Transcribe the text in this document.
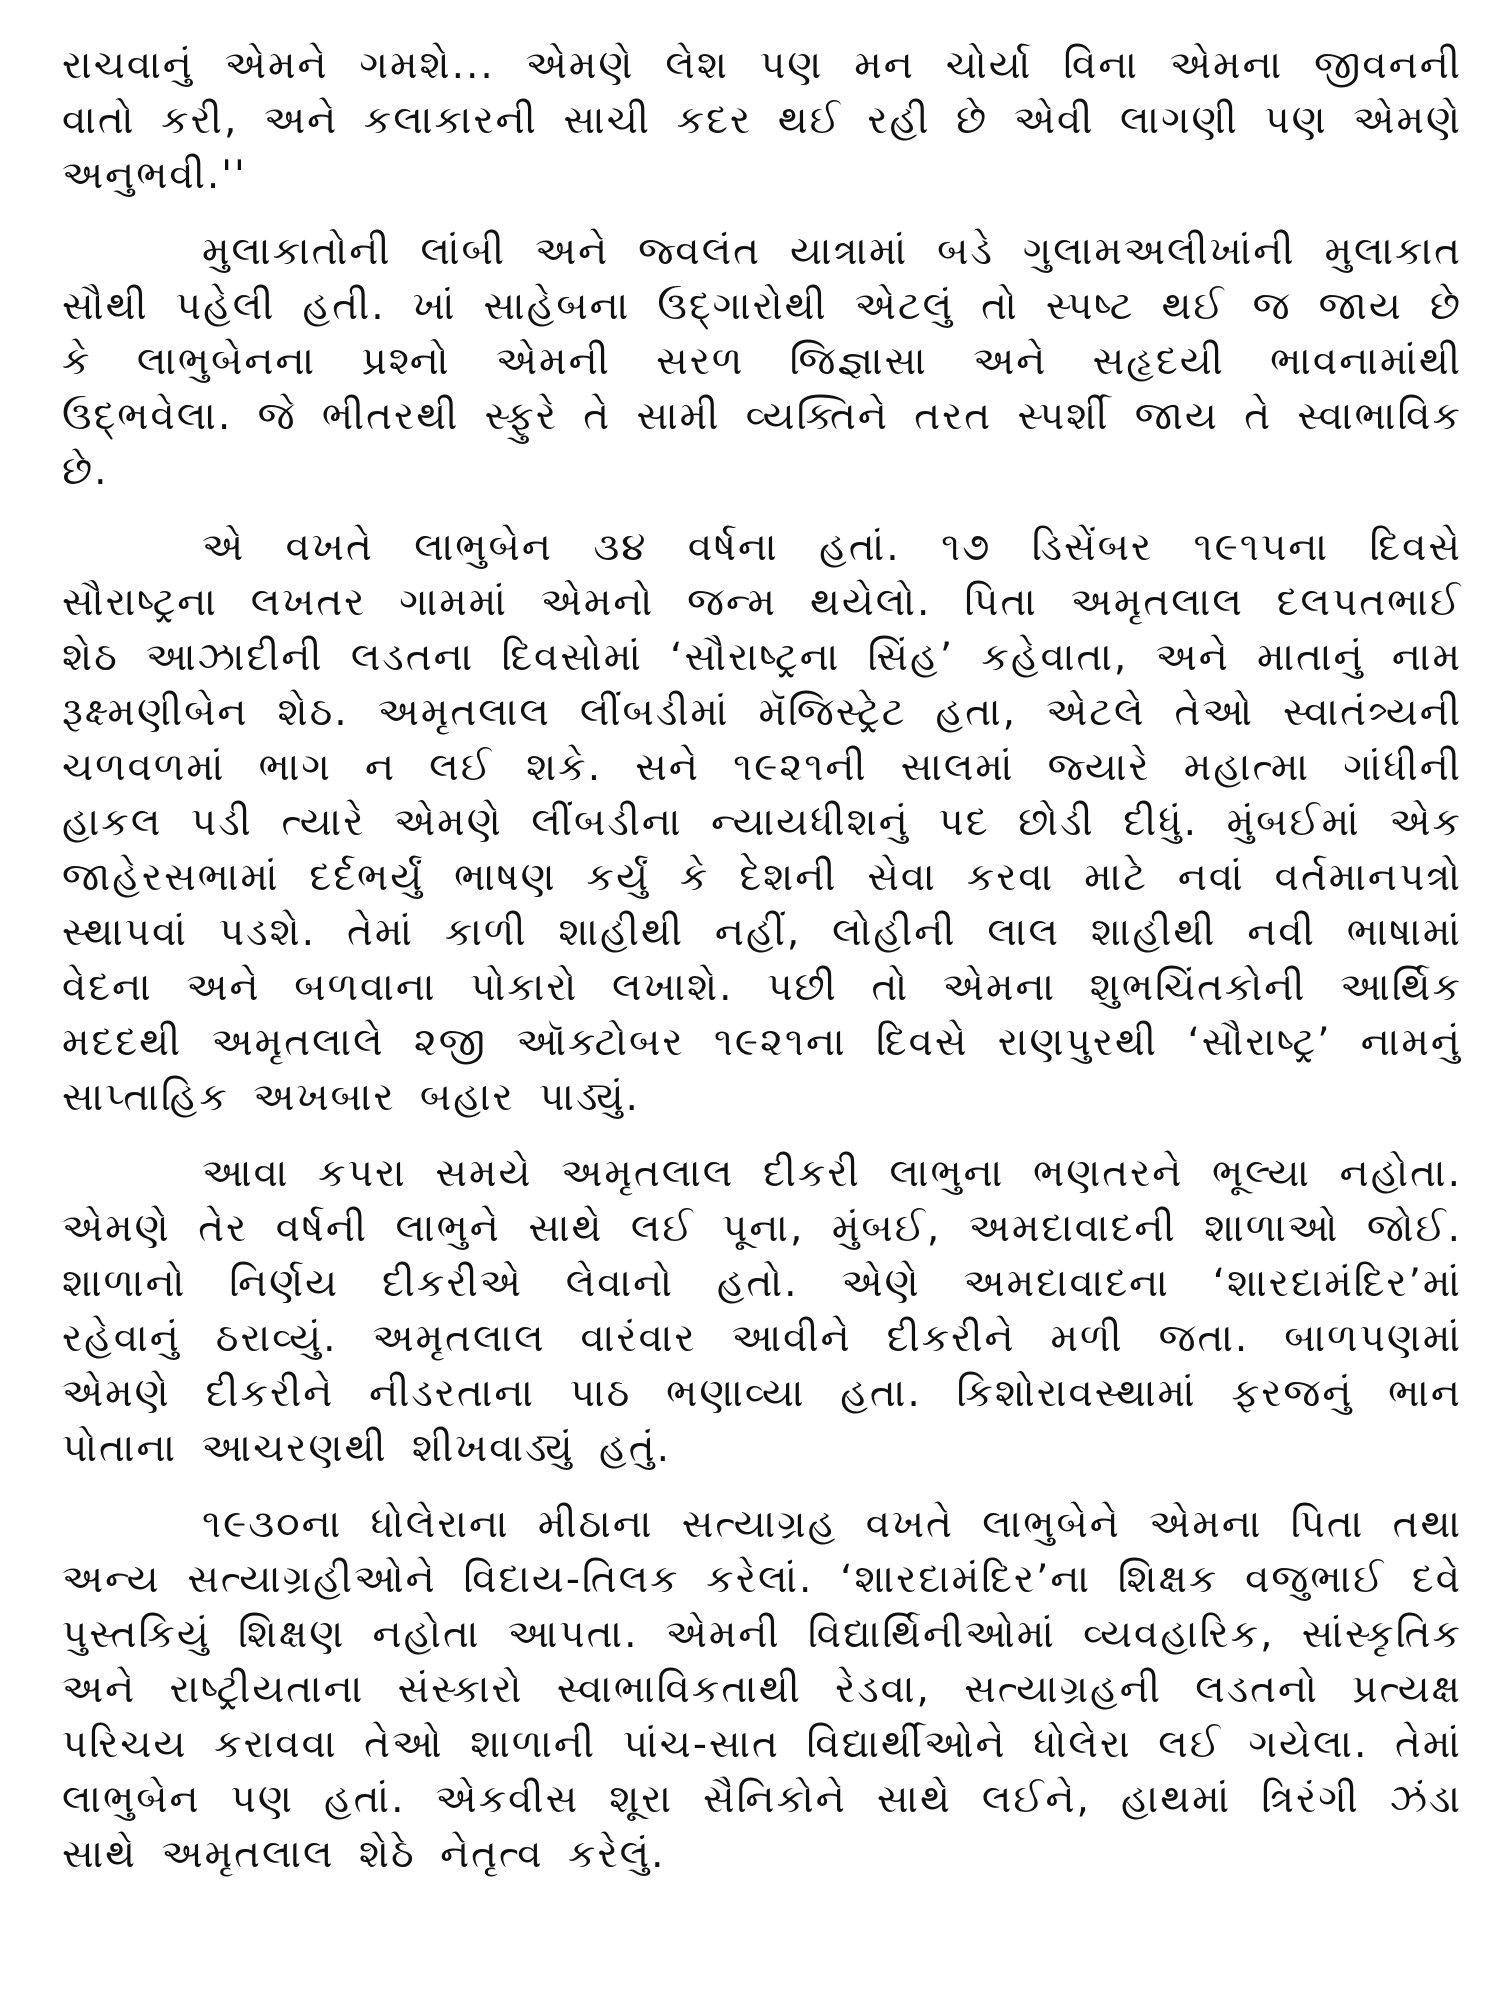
રાચવાનું એમને ગમશે... એમણે લેશ પણ મન ચોર્યા વિના એમના જીવનની વાતો કરી, અને કલાકારની સાચી કદર થઈ રહી છે એવી લાગણી પણ એમણે અનુભવી.''

મુલાકાતોની લાંબી અને જ્વલંત યાત્રામાં બડે ગુલામઅલીખાંની મુલાકાત સૌથી પહેલી હતી. ખાં સાહેબના ઉદ્ગારોથી એટલું તો સ્પષ્ટ થઈ જ જાય છે કે લાભુબેનના પ્રશ્નો એમની સરળ જિજ્ઞાસા અને સહૃદયી ભાવનામાંથી ઉદ્ભવેલા. જે ભીતરથી સ્ફુરે તે સામી વ્યક્તિને તરત સ્પર્શી જાય તે સ્વાભાવિક છે.

એ વખતે લાભુબેન ૩૪ વર્ષના હતાં. ૧૭ ડિસેંબર ૧૯૧૫ના દિવસે સૌરાષ્ટ્રના લખતર ગામમાં એમનો જન્મ થયેલો. પિતા અમૃતલાલ દલપતભાઈ શેઠ આઝાદીની લડતના દિવસોમાં ‘સૌરાષ્ટ્રના સિંહ’ કહેવાતા, અને માતાનું નામ રૂક્ષ્મણીબેન શેઠ. અમૃતલાલ લીંબડીમાં મૅજિસ્ટ્રેટ હતા, એટલે તેઓ સ્વાતંત્ર્યની ચળવળમાં ભાગ ન લઈ શકે. સને ૧૯૨૧ની સાલમાં જ્યારે મહાત્મા ગાંધીની હાકલ પડી ત્યારે એમણે લીંબડીના ન્યાયધીશનું પદ છોડી દીધું. મુંબઈમાં એક જાહેરસભામાં દર્દભર્યું ભાષણ કર્યું કે દેશની સેવા કરવા માટે નવાં વર્તમાનપત્રો સ્થાપવાં પડશે. તેમાં કાળી શાહીથી નહીં, લોહીની લાલ શાહીથી નવી ભાષામાં વેદના અને બળવાના પોકારો લખાશે. પછી તો એમના શુભચિંતકોની આર્થિક મદદથી અમૃતલાલે ૨જી ઑક્ટોબર ૧૯૨૧ના દિવસે રાણપુરથી ‘સૌરાષ્ટ્ર’ નામનું સાપ્તાહિક અખબાર બહાર પાડ્યું.

આવા કપરા સમયે અમૃતલાલ દીકરી લાભુના ભણતરને ભૂલ્યા નહોતા. એમણે તેર વર્ષની લાભુને સાથે લઈ પૂના, મુંબઈ, અમદાવાદની શાળાઓ જોઈ. શાળાનો નિર્ણય દીકરીએ લેવાનો હતો. એણે અમદાવાદના ‘શારદામંદિર’માં રહેવાનું ઠરાવ્યું. અમૃતલાલ વારંવાર આવીને દીકરીને મળી જતા. બાળપણમાં એમણે દીકરીને નીડરતાના પાઠ ભણાવ્યા હતા. કિશોરાવસ્થામાં ફરજનું ભાન પોતાના આચરણથી શીખવાડ્યું હતું.

૧૯૩૦ના ધોલેરાના મીઠાના સત્યાગ્રહ વખતે લાભુબેને એમના પિતા તથા અન્ય સત્યાગ્રહીઓને વિદાય-તિલક કરેલાં. ‘શારદામંદિર’ના શિક્ષક વજુભાઈ દવે પુસ્તકિયું શિક્ષણ નહોતા આપતા. એમની વિદ્યાર્થિનીઓમાં વ્યવહારિક, સાંસ્કૃતિક અને રાષ્ટ્રીયતાના સંસ્કારો સ્વાભાવિકતાથી રેડવા, સત્યાગ્રહની લડતનો પ્રત્યક્ષ પરિચય કરાવવા તેઓ શાળાની પાંચ-સાત વિદ્યાર્થીઓને ધોલેરા લઈ ગયેલા. તેમાં લાભુબેન પણ હતાં. એકવીસ શૂરા સૈનિકોને સાથે લઈને, હાથમાં ત્રિરંગી ઝંડા સાથે અમૃતલાલ શેઠે નેતૃત્વ કરેલું.
